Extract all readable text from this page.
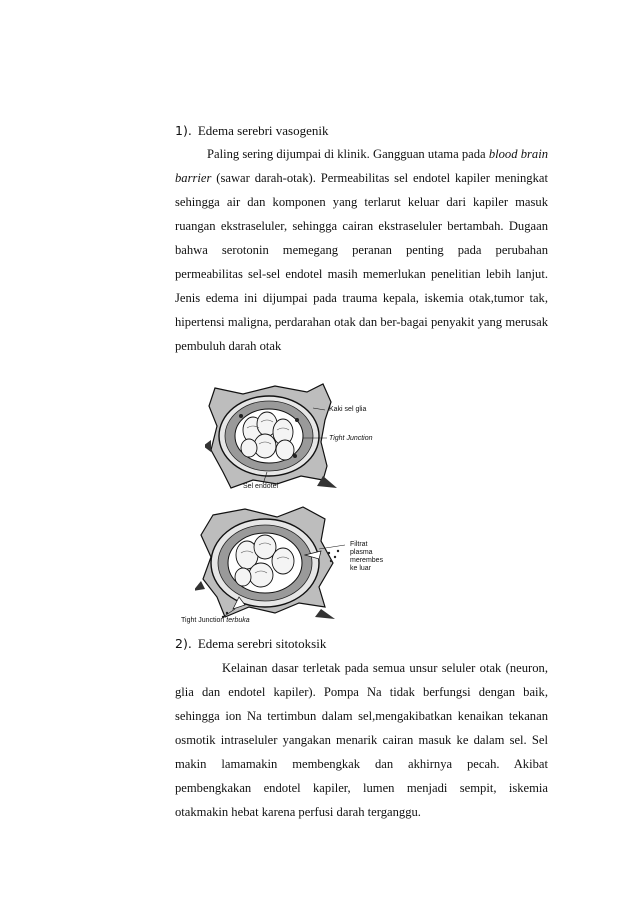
1). Edema serebri vasogenik

Paling sering dijumpai di klinik. Gangguan utama pada blood brain barrier (sawar darah-otak). Permeabilitas sel endotel kapiler meningkat sehingga air dan komponen yang terlarut keluar dari kapiler masuk ruangan ekstraseluler, sehingga cairan ekstraseluler bertambah. Dugaan bahwa serotonin memegang peranan penting pada perubahan permeabilitas sel-sel endotel masih memerlukan penelitian lebih lanjut. Jenis edema ini dijumpai pada trauma kepala, iskemia otak,tumor tak, hipertensi maligna, perdarahan otak dan ber-bagai penyakit yang merusak pembuluh darah otak

Kaki sel glia
Tight Junction
Sel endotel
Filtrat
plasma
merembes
ke luar
Tight Junction terbuka
2). Edema serebri sitotoksik

Kelainan dasar terletak pada semua unsur seluler otak (neuron, glia dan endotel kapiler). Pompa Na tidak berfungsi dengan baik, sehingga ion Na tertimbun dalam sel,mengakibatkan kenaikan tekanan osmotik intraseluler yangakan menarik cairan masuk ke dalam sel. Sel makin lamamakin membengkak dan akhirnya pecah. Akibat pembengkakan endotel kapiler, lumen menjadi sempit, iskemia otakmakin hebat karena perfusi darah terganggu.
